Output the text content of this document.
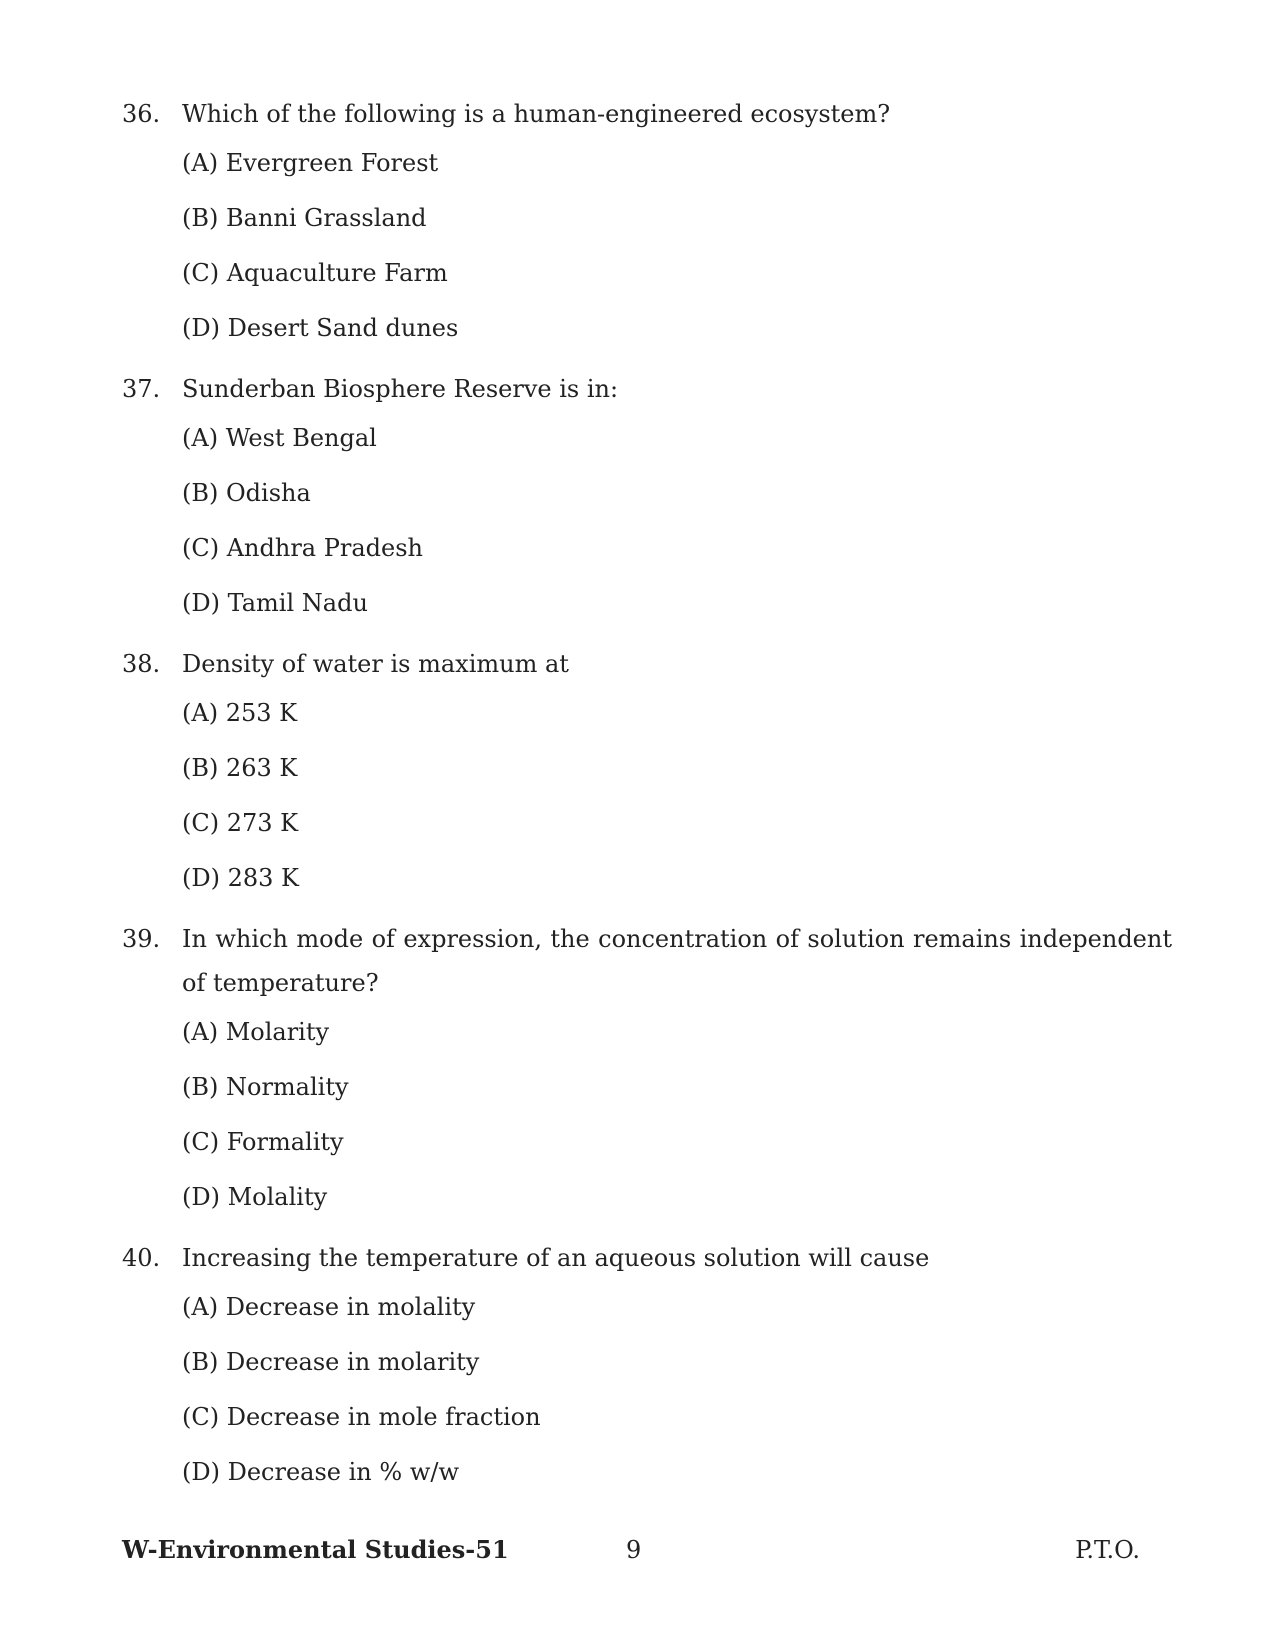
36. Which of the following is a human-engineered ecosystem?
(A) Evergreen Forest
(B) Banni Grassland
(C) Aquaculture Farm
(D) Desert Sand dunes
37. Sunderban Biosphere Reserve is in:
(A) West Bengal
(B) Odisha
(C) Andhra Pradesh
(D) Tamil Nadu
38. Density of water is maximum at
(A) 253 K
(B) 263 K
(C) 273 K
(D) 283 K
39. In which mode of expression, the concentration of solution remains independent of temperature?
(A) Molarity
(B) Normality
(C) Formality
(D) Molality
40. Increasing the temperature of an aqueous solution will cause
(A) Decrease in molality
(B) Decrease in molarity
(C) Decrease in mole fraction
(D) Decrease in % w/w
W-Environmental Studies-51	9	P.T.O.
